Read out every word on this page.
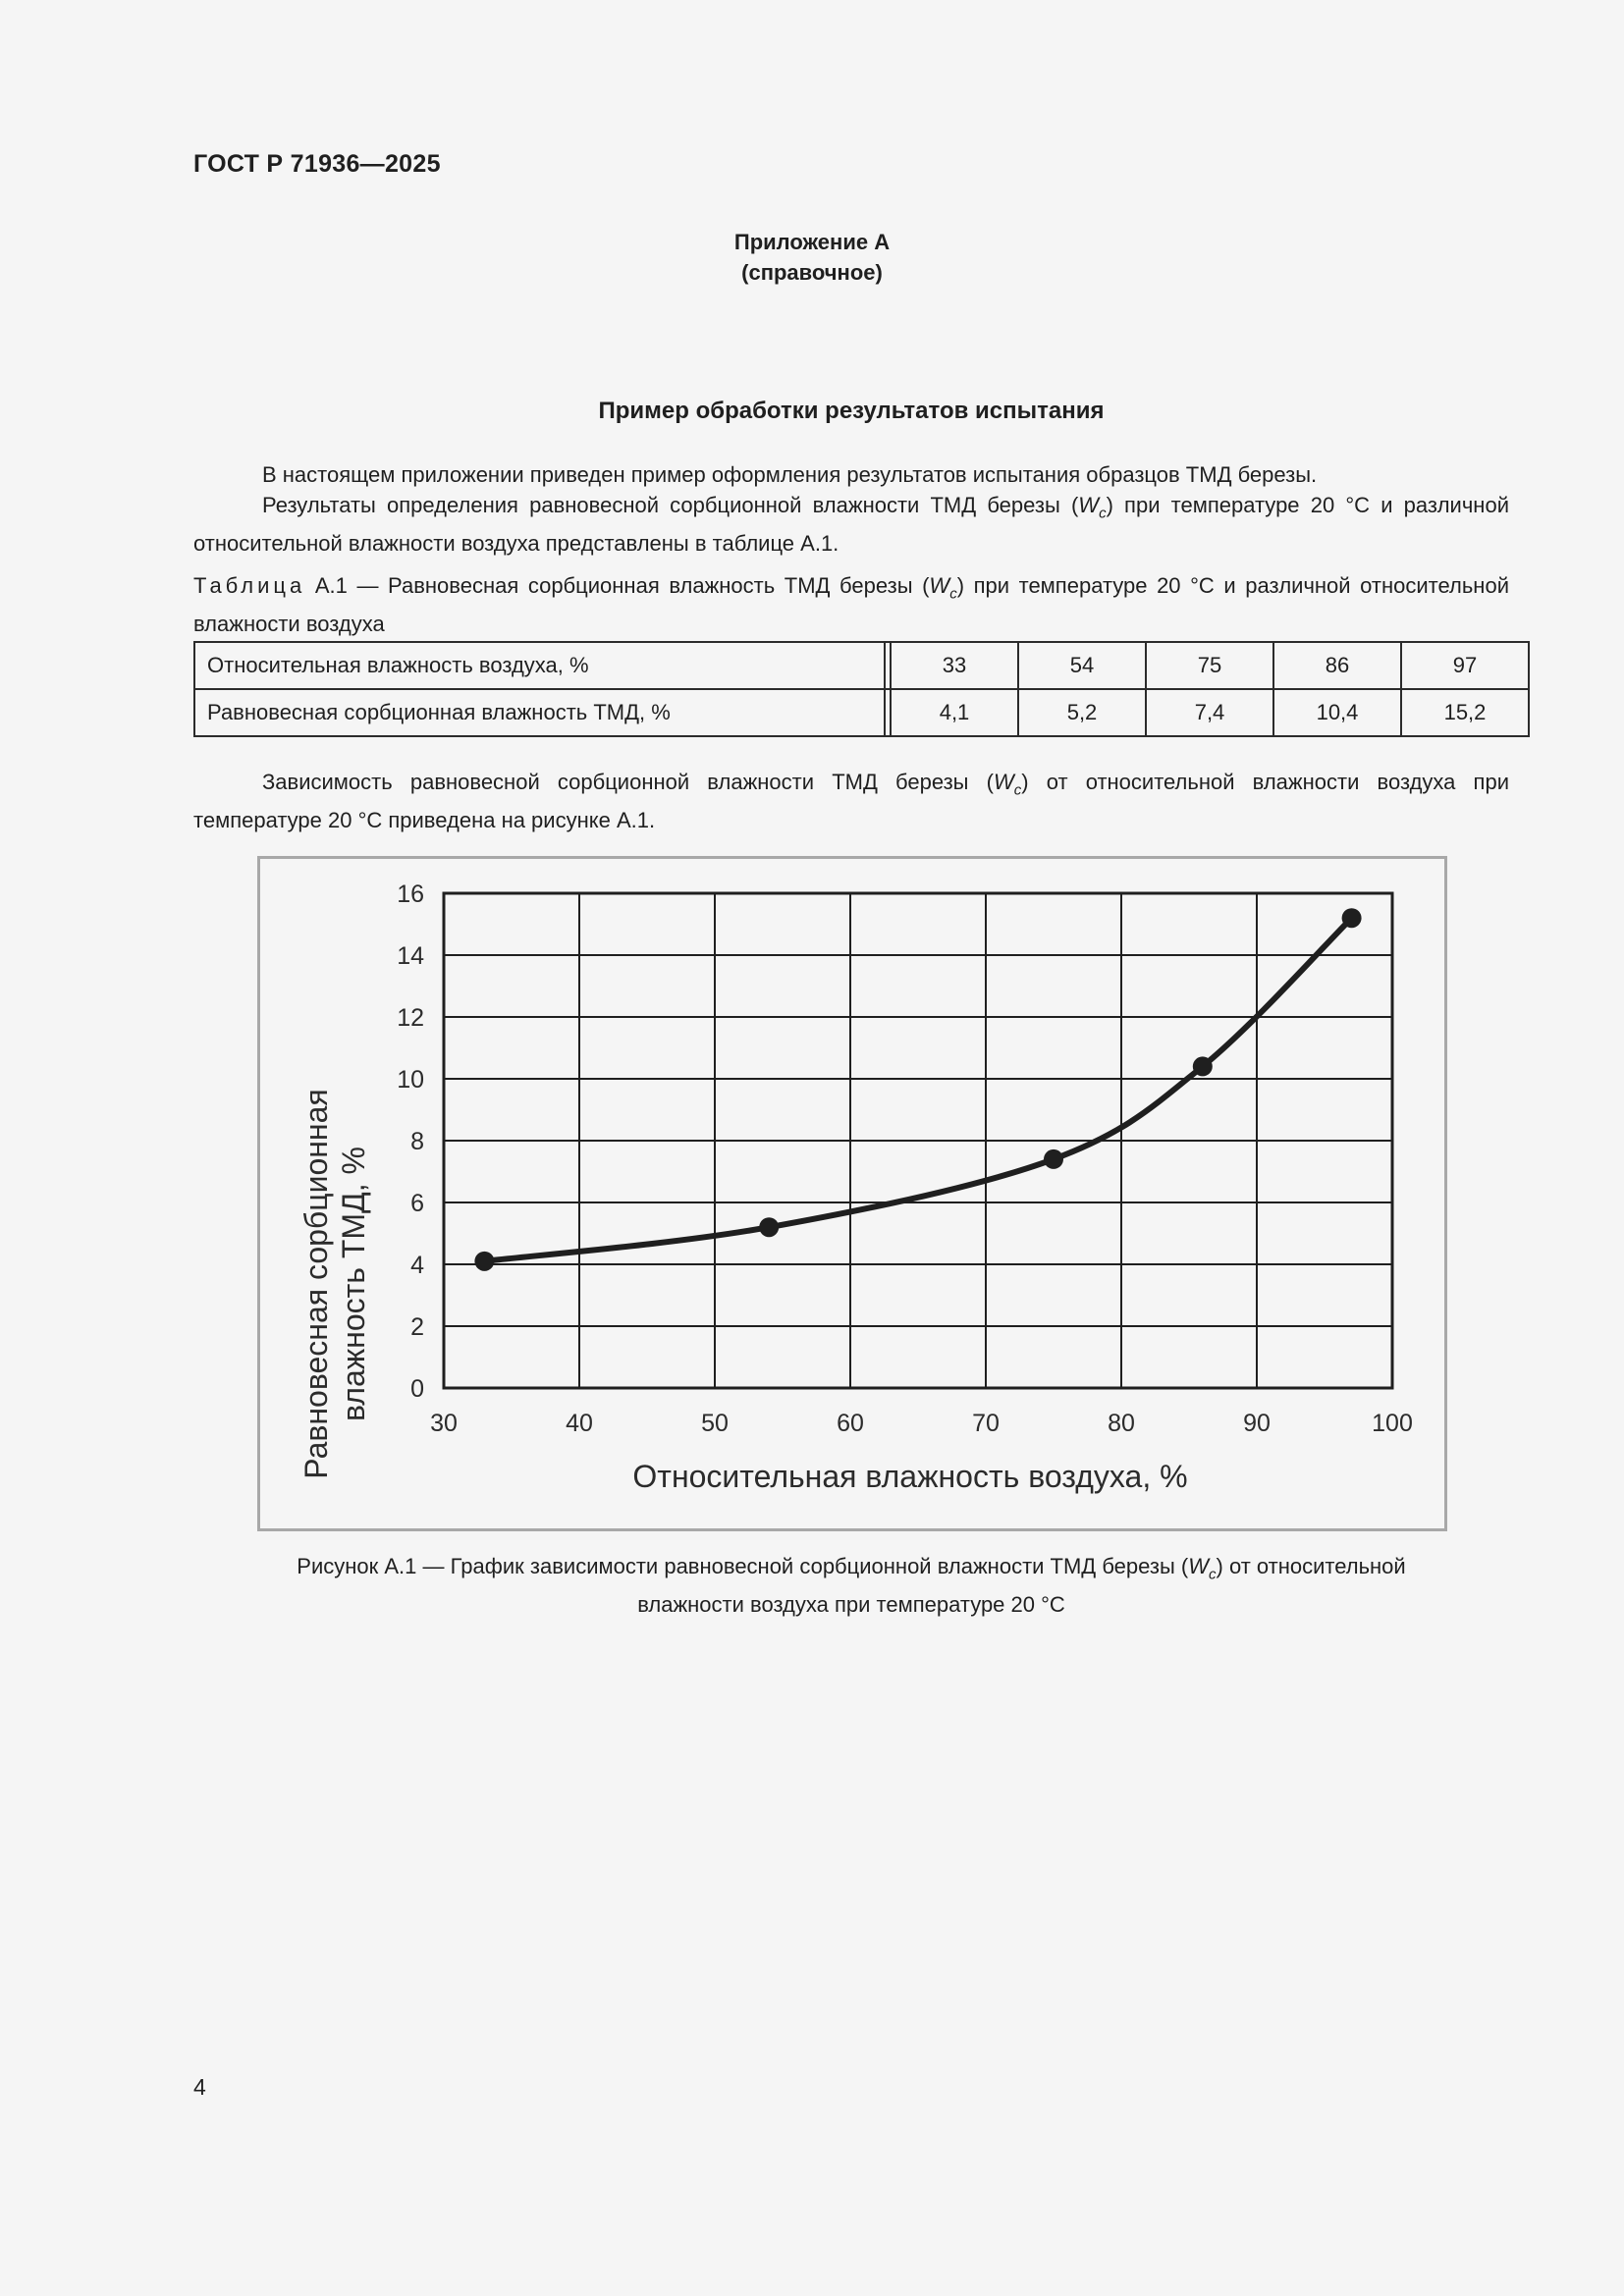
ГОСТ Р 71936—2025
Приложение А
(справочное)
Пример обработки результатов испытания
В настоящем приложении приведен пример оформления результатов испытания образцов ТМД березы.
Результаты определения равновесной сорбционной влажности ТМД березы $(W_c)$ при температуре 20 °C и различной относительной влажности воздуха представлены в таблице А.1.
Таблица А.1 — Равновесная сорбционная влажность ТМД березы $(W_c)$ при температуре 20 °C и различной относительной влажности воздуха
Относительная влажность воздуха, %		33	54	75	86	97
Равновесная сорбционная влажность ТМД, %		4,1	5,2	7,4	10,4	15,2
Зависимость равновесной сорбционной влажности ТМД березы $(W_c)$ от относительной влажности воздуха при температуре 20 °C приведена на рисунке А.1.
30	40	50	60	70	80	90	100
0
2
4
6
8
10
12
14
16
Относительная влажность воздуха, %
Равновесная сорбционная влажность ТМД, %
Рисунок А.1 — График зависимости равновесной сорбционной влажности ТМД березы $(W_c)$ от относительной
влажности воздуха при температуре 20 °C
4
